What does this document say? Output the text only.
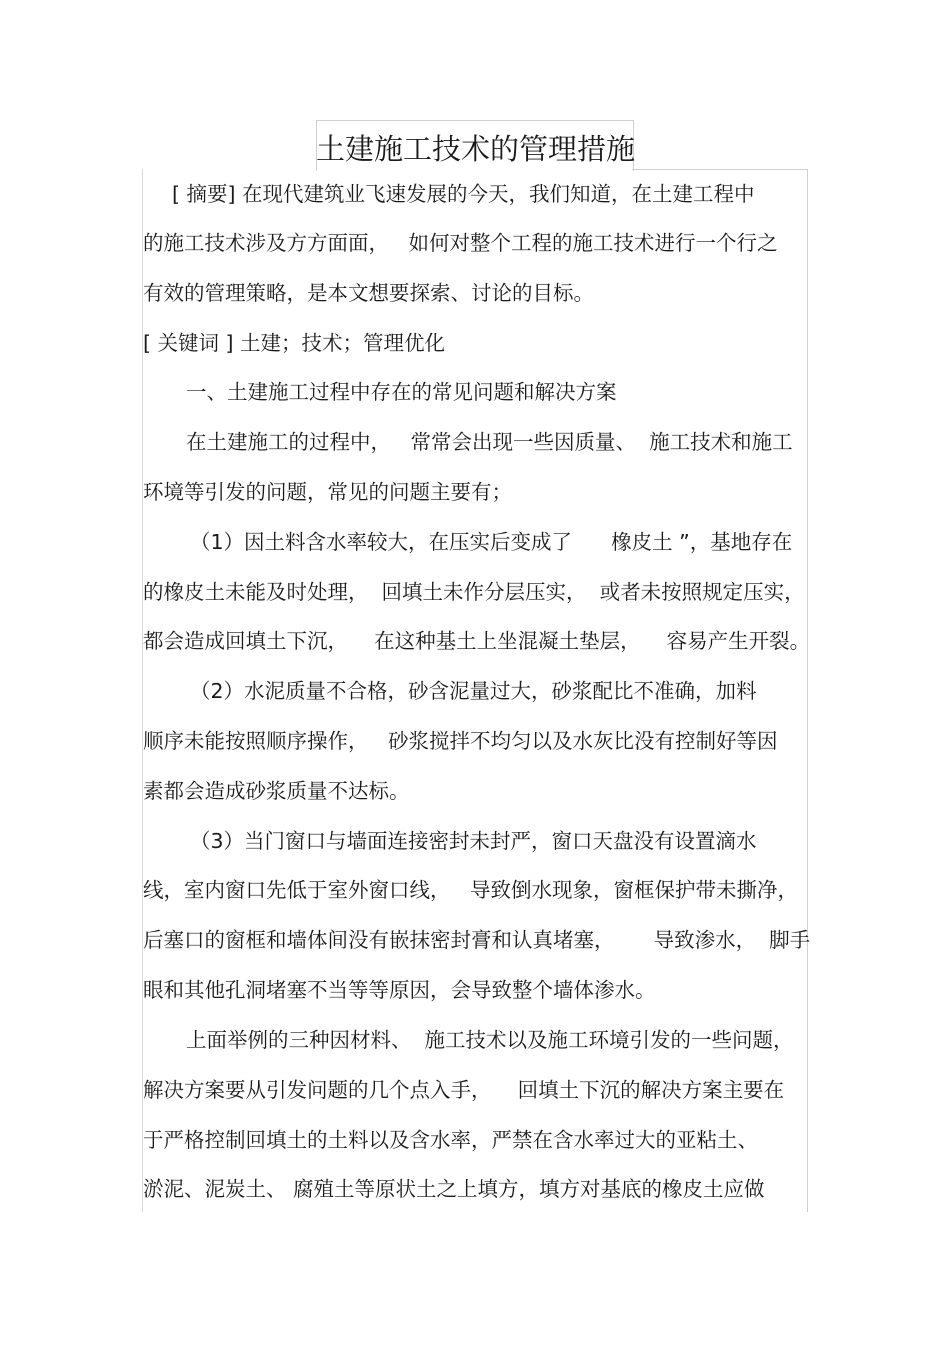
土建施工技术的管理措施
[ 摘要] 在现代建筑业飞速发展的今天，我们知道，在土建工程中
的施工技术涉及方方面面，   如何对整个工程的施工技术进行一个行之
有效的管理策略，是本文想要探索、讨论的目标。
[ 关键词 ] 土建；技术；管理优化
一、土建施工过程中存在的常见问题和解决方案
在土建施工的过程中，   常常会出现一些因质量、  施工技术和施工
环境等引发的问题，常见的问题主要有；
（1）因土料含水率较大，在压实后变成了      橡皮土 ”，基地存在
的橡皮土未能及时处理，  回填土未作分层压实，  或者未按照规定压实，
都会造成回填土下沉，    在这种基土上坐混凝土垫层，    容易产生开裂。
（2）水泥质量不合格，砂含泥量过大，砂浆配比不准确，加料
顺序未能按照顺序操作，   砂浆搅拌不均匀以及水灰比没有控制好等因
素都会造成砂浆质量不达标。
（3）当门窗口与墙面连接密封未封严，窗口天盘没有设置滴水
线，室内窗口先低于室外窗口线，   导致倒水现象，窗框保护带未撕净，
后塞口的窗框和墙体间没有嵌抹密封膏和认真堵塞，      导致渗水，  脚手
眼和其他孔洞堵塞不当等等原因，会导致整个墙体渗水。
上面举例的三种因材料、  施工技术以及施工环境引发的一些问题，
解决方案要从引发问题的几个点入手，    回填土下沉的解决方案主要在
于严格控制回填土的土料以及含水率，严禁在含水率过大的亚粘土、
淤泥、泥炭土、 腐殖土等原状土之上填方，填方对基底的橡皮土应做
